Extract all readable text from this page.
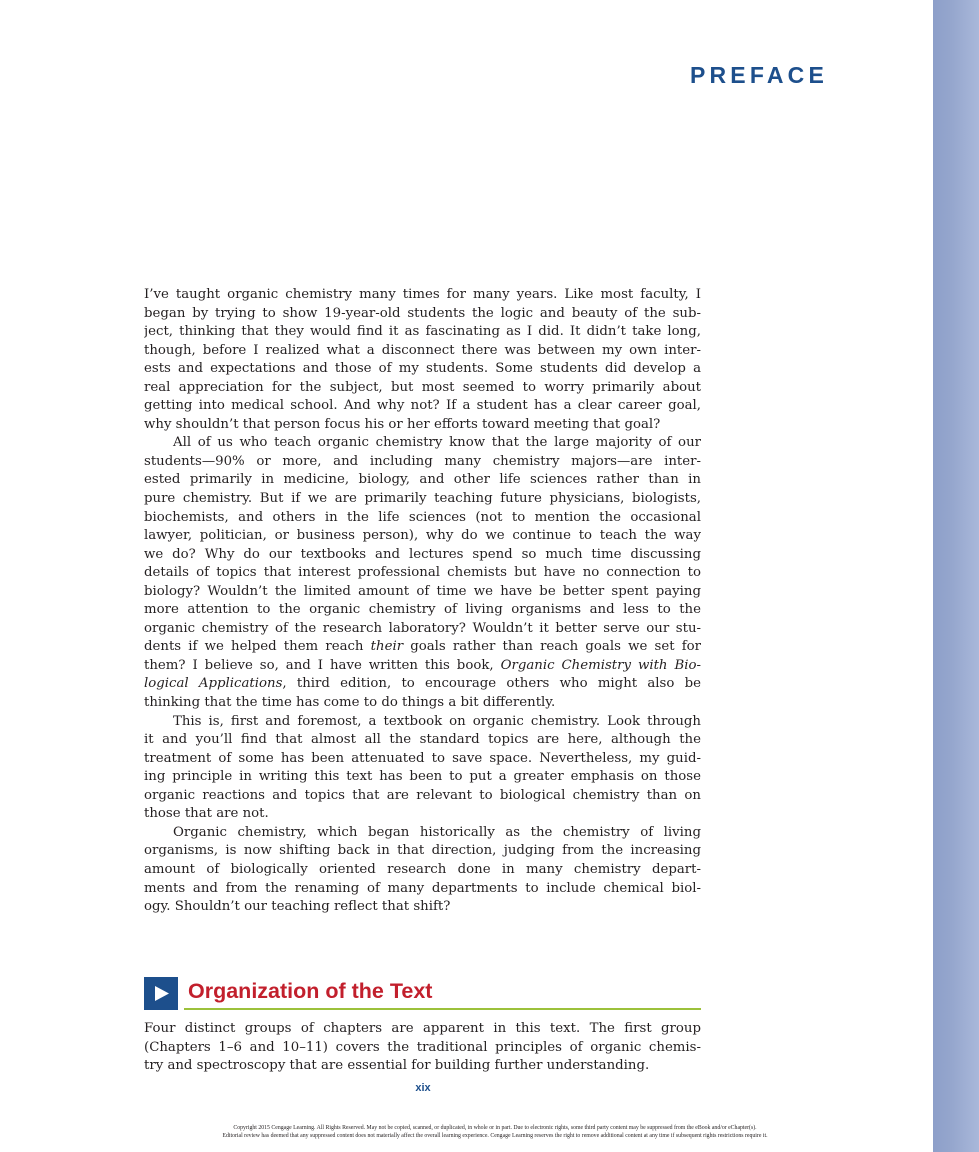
PREFACE
I’ve taught organic chemistry many times for many years. Like most faculty, I
began by trying to show 19-year-old students the logic and beauty of the sub-
ject, thinking that they would find it as fascinating as I did. It didn’t take long,
though, before I realized what a disconnect there was between my own inter-
ests and expectations and those of my students. Some students did develop a
real appreciation for the subject, but most seemed to worry primarily about
getting into medical school. And why not? If a student has a clear career goal,
why shouldn’t that person focus his or her efforts toward meeting that goal?
All of us who teach organic chemistry know that the large majority of our
students—90% or more, and including many chemistry majors—are inter-
ested primarily in medicine, biology, and other life sciences rather than in
pure chemistry. But if we are primarily teaching future physicians, biologists,
biochemists, and others in the life sciences (not to mention the occasional
lawyer, politician, or business person), why do we continue to teach the way
we do? Why do our textbooks and lectures spend so much time discussing
details of topics that interest professional chemists but have no connection to
biology? Wouldn’t the limited amount of time we have be better spent paying
more attention to the organic chemistry of living organisms and less to the
organic chemistry of the research laboratory? Wouldn’t it better serve our stu-
dents if we helped them reach their goals rather than reach goals we set for
them? I believe so, and I have written this book, Organic Chemistry with Bio-
logical Applications, third edition, to encourage others who might also be
thinking that the time has come to do things a bit differently.
This is, first and foremost, a textbook on organic chemistry. Look through
it and you’ll find that almost all the standard topics are here, although the
treatment of some has been attenuated to save space. Nevertheless, my guid-
ing principle in writing this text has been to put a greater emphasis on those
organic reactions and topics that are relevant to biological chemistry than on
those that are not.
Organic chemistry, which began historically as the chemistry of living
organisms, is now shifting back in that direction, judging from the increasing
amount of biologically oriented research done in many chemistry depart-
ments and from the renaming of many departments to include chemical biol-
ogy. Shouldn’t our teaching reflect that shift?
Organization of the Text
Four distinct groups of chapters are apparent in this text. The first group
(Chapters 1–6 and 10–11) covers the traditional principles of organic chemis-
try and spectroscopy that are essential for building further understanding.
xix
Copyright 2015 Cengage Learning. All Rights Reserved. May not be copied, scanned, or duplicated, in whole or in part. Due to electronic rights, some third party content may be suppressed from the eBook and/or eChapter(s).
Editorial review has deemed that any suppressed content does not materially affect the overall learning experience. Cengage Learning reserves the right to remove additional content at any time if subsequent rights restrictions require it.
